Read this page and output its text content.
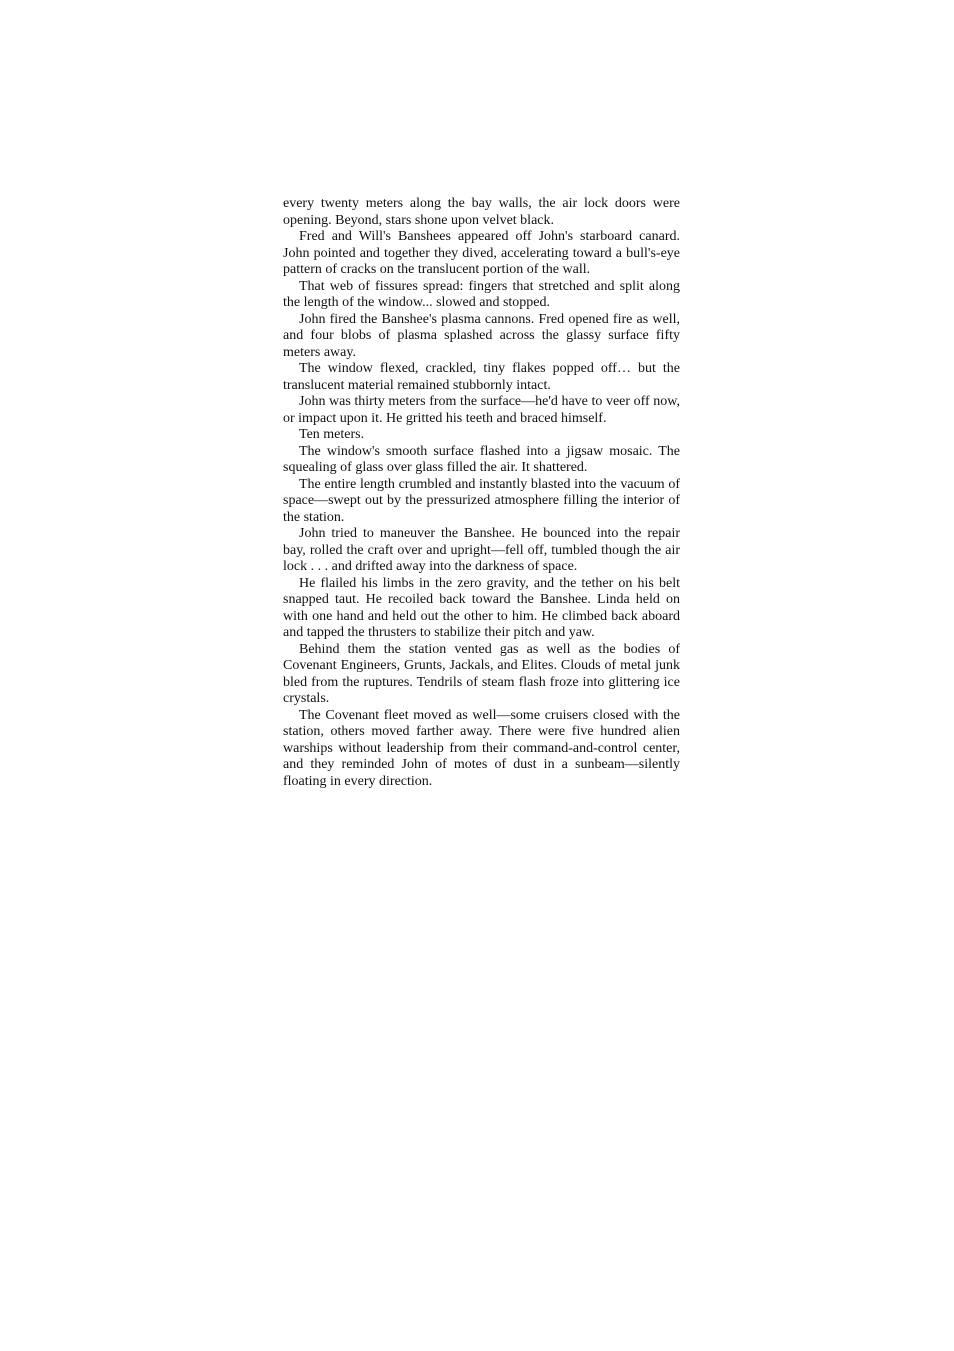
every twenty meters along the bay walls, the air lock doors were opening. Beyond, stars shone upon velvet black.

Fred and Will's Banshees appeared off John's starboard canard. John pointed and together they dived, accelerating toward a bull's-eye pattern of cracks on the translucent portion of the wall.

That web of fissures spread: fingers that stretched and split along the length of the window... slowed and stopped.

John fired the Banshee's plasma cannons. Fred opened fire as well, and four blobs of plasma splashed across the glassy surface fifty meters away.

The window flexed, crackled, tiny flakes popped off… but the translucent material remained stubbornly intact.

John was thirty meters from the surface—he'd have to veer off now, or impact upon it. He gritted his teeth and braced himself.

Ten meters.

The window's smooth surface flashed into a jigsaw mosaic. The squealing of glass over glass filled the air. It shattered.

The entire length crumbled and instantly blasted into the vacuum of space—swept out by the pressurized atmosphere filling the interior of the station.

John tried to maneuver the Banshee. He bounced into the repair bay, rolled the craft over and upright—fell off, tumbled though the air lock . . . and drifted away into the darkness of space.

He flailed his limbs in the zero gravity, and the tether on his belt snapped taut. He recoiled back toward the Banshee. Linda held on with one hand and held out the other to him. He climbed back aboard and tapped the thrusters to stabilize their pitch and yaw.

Behind them the station vented gas as well as the bodies of Covenant Engineers, Grunts, Jackals, and Elites. Clouds of metal junk bled from the ruptures. Tendrils of steam flash froze into glittering ice crystals.

The Covenant fleet moved as well—some cruisers closed with the station, others moved farther away. There were five hundred alien warships without leadership from their command-and-control center, and they reminded John of motes of dust in a sunbeam—silently floating in every direction.
